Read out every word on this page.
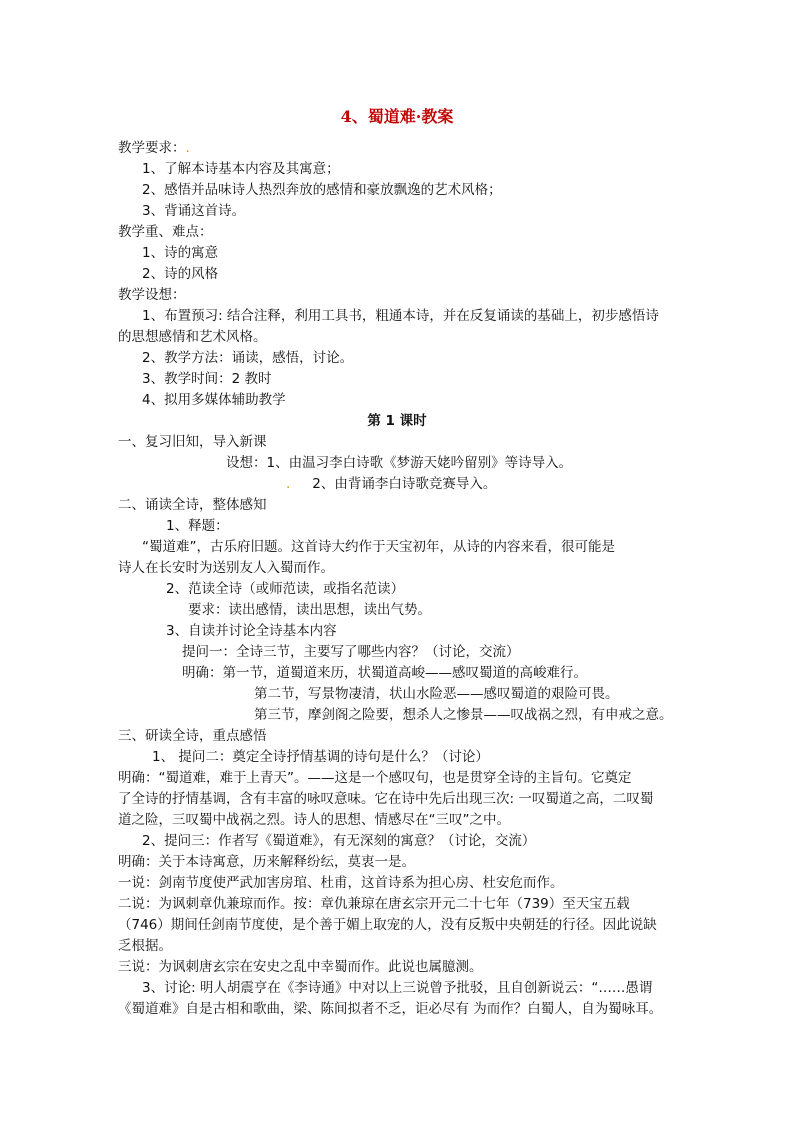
4、蜀道难·教案
教学要求：.
1、了解本诗基本内容及其寓意；
2、感悟并品味诗人热烈奔放的感情和豪放飘逸的艺术风格；
3、背诵这首诗。
教学重、难点：
1、诗的寓意
2、诗的风格
教学设想：
1、布置预习: 结合注释，利用工具书，粗通本诗，并在反复诵读的基础上，初步感悟诗
的思想感情和艺术风格。
2、教学方法：诵读，感悟，讨论。
3、教学时间：2 教时
4、拟用多媒体辅助教学
第 1 课时
一、复习旧知，导入新课
设想：1、由温习李白诗歌《梦游天姥吟留别》等诗导入。
. 2、由背诵李白诗歌竞赛导入。
二、诵读全诗，整体感知
1、释题：
“蜀道难”，古乐府旧题。这首诗大约作于天宝初年，从诗的内容来看，很可能是
诗人在长安时为送别友人入蜀而作。
2、范读全诗（或师范读，或指名范读）
要求：读出感情，读出思想，读出气势。
3、自读并讨论全诗基本内容
提问一：全诗三节，主要写了哪些内容？（讨论，交流）
明确：第一节，道蜀道来历，状蜀道高峻——感叹蜀道的高峻难行。
第二节，写景物凄清，状山水险恶——感叹蜀道的艰险可畏。
第三节，摩剑阁之险要，想杀人之惨景——叹战祸之烈，有申戒之意。
三、研读全诗，重点感悟
1、 提问二：奠定全诗抒情基调的诗句是什么？（讨论）
明确：“蜀道难，难于上青天”。——这是一个感叹句，也是贯穿全诗的主旨句。它奠定
了全诗的抒情基调，含有丰富的咏叹意味。它在诗中先后出现三次: 一叹蜀道之高，二叹蜀
道之险，三叹蜀中战祸之烈。诗人的思想、情感尽在“三叹”之中。
2、提问三：作者写《蜀道难》，有无深刻的寓意？（讨论，交流）
明确：关于本诗寓意，历来解释纷纭，莫衷一是。
一说：剑南节度使严武加害房琯、杜甫，这首诗系为担心房、杜安危而作。
二说：为讽刺章仇兼琼而作。按：章仇兼琼在唐玄宗开元二十七年（739）至天宝五载
（746）期间任剑南节度使，是个善于媚上取宠的人，没有反叛中央朝廷的行径。因此说缺
乏根据。
三说：为讽刺唐玄宗在安史之乱中幸蜀而作。此说也属臆测。
3、讨论: 明人胡震亨在《李诗通》中对以上三说曾予批驳，且自创新说云：“……愚谓
《蜀道难》自是古相和歌曲，梁、陈间拟者不乏，讵必尽有 为而作？白蜀人，自为蜀咏耳。
